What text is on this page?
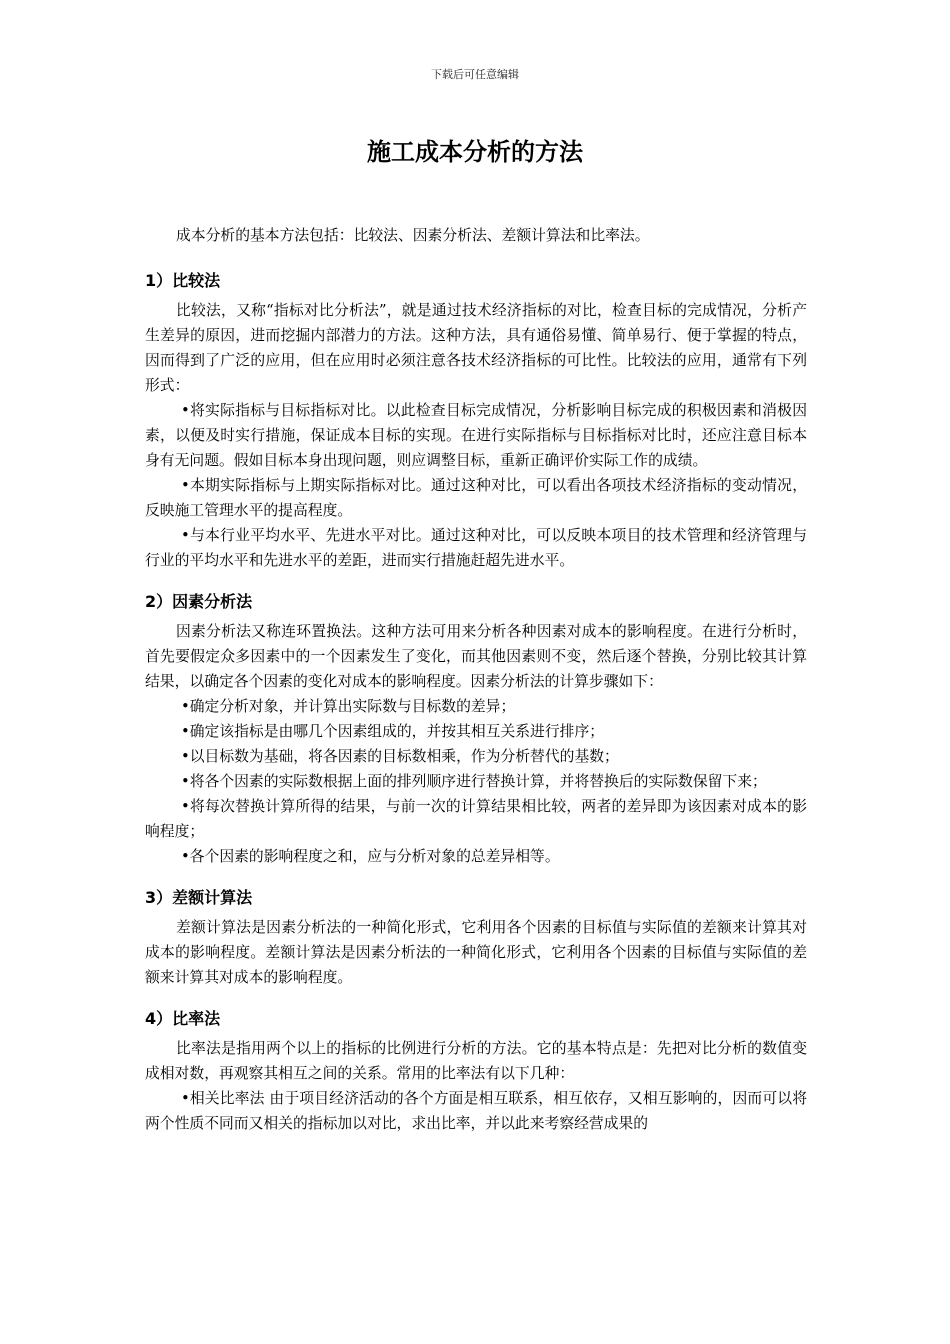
下载后可任意编辑
施工成本分析的方法

成本分析的基本方法包括：比较法、因素分析法、差额计算法和比率法。

1）比较法

比较法，又称“指标对比分析法”，就是通过技术经济指标的对比，检查目标的完成情况，分析产生差异的原因，进而挖掘内部潜力的方法。这种方法，具有通俗易懂、简单易行、便于掌握的特点，因而得到了广泛的应用，但在应用时必须注意各技术经济指标的可比性。比较法的应用，通常有下列形式：

•将实际指标与目标指标对比。以此检查目标完成情况，分析影响目标完成的积极因素和消极因素，以便及时实行措施，保证成本目标的实现。在进行实际指标与目标指标对比时，还应注意目标本身有无问题。假如目标本身出现问题，则应调整目标，重新正确评价实际工作的成绩。

•本期实际指标与上期实际指标对比。通过这种对比，可以看出各项技术经济指标的变动情况，反映施工管理水平的提高程度。

•与本行业平均水平、先进水平对比。通过这种对比，可以反映本项目的技术管理和经济管理与行业的平均水平和先进水平的差距，进而实行措施赶超先进水平。

2）因素分析法

因素分析法又称连环置换法。这种方法可用来分析各种因素对成本的影响程度。在进行分析时，首先要假定众多因素中的一个因素发生了变化，而其他因素则不变，然后逐个替换，分别比较其计算结果，以确定各个因素的变化对成本的影响程度。因素分析法的计算步骤如下：

•确定分析对象，并计算出实际数与目标数的差异；

•确定该指标是由哪几个因素组成的，并按其相互关系进行排序；

•以目标数为基础，将各因素的目标数相乘，作为分析替代的基数；

•将各个因素的实际数根据上面的排列顺序进行替换计算，并将替换后的实际数保留下来；

•将每次替换计算所得的结果，与前一次的计算结果相比较，两者的差异即为该因素对成本的影响程度；

•各个因素的影响程度之和，应与分析对象的总差异相等。

3）差额计算法

差额计算法是因素分析法的一种简化形式，它利用各个因素的目标值与实际值的差额来计算其对成本的影响程度。差额计算法是因素分析法的一种简化形式，它利用各个因素的目标值与实际值的差额来计算其对成本的影响程度。

4）比率法

比率法是指用两个以上的指标的比例进行分析的方法。它的基本特点是：先把对比分析的数值变成相对数，再观察其相互之间的关系。常用的比率法有以下几种：

•相关比率法 由于项目经济活动的各个方面是相互联系，相互依存，又相互影响的，因而可以将两个性质不同而又相关的指标加以对比，求出比率，并以此来考察经营成果的
